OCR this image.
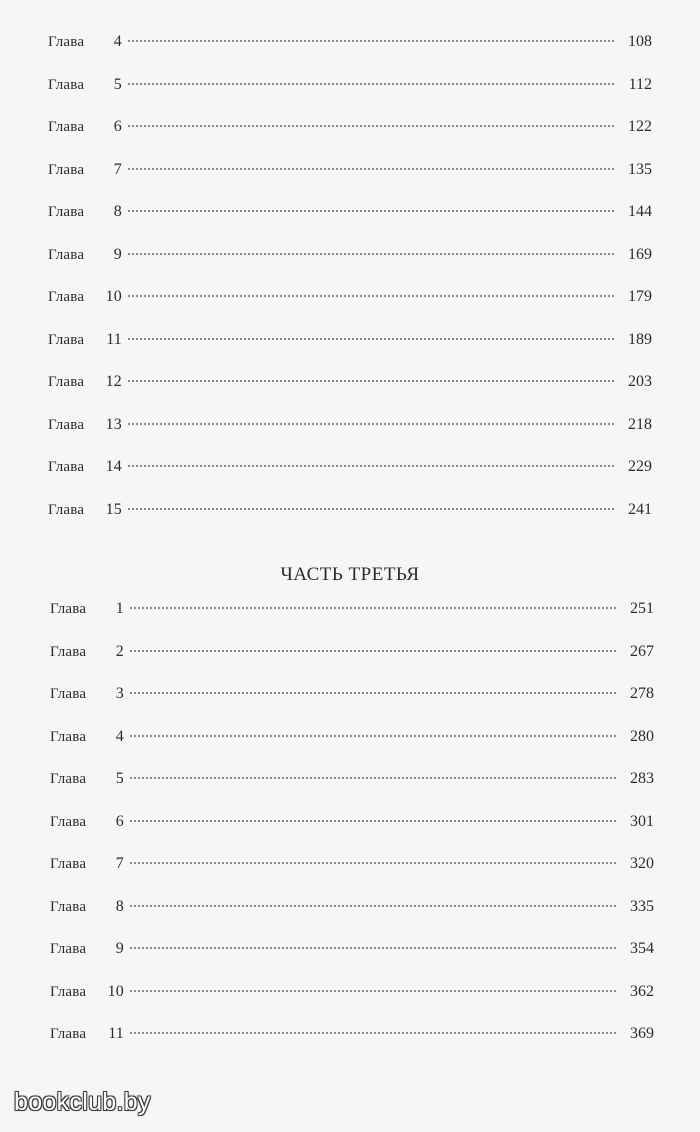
Глава 4	108
Глава 5	112
Глава 6	122
Глава 7	135
Глава 8	144
Глава 9	169
Глава 10	179
Глава 11	189
Глава 12	203
Глава 13	218
Глава 14	229
Глава 15	241
ЧАСТЬ ТРЕТЬЯ
Глава 1	251
Глава 2	267
Глава 3	278
Глава 4	280
Глава 5	283
Глава 6	301
Глава 7	320
Глава 8	335
Глава 9	354
Глава 10	362
Глава 11	369
bookclub.by
